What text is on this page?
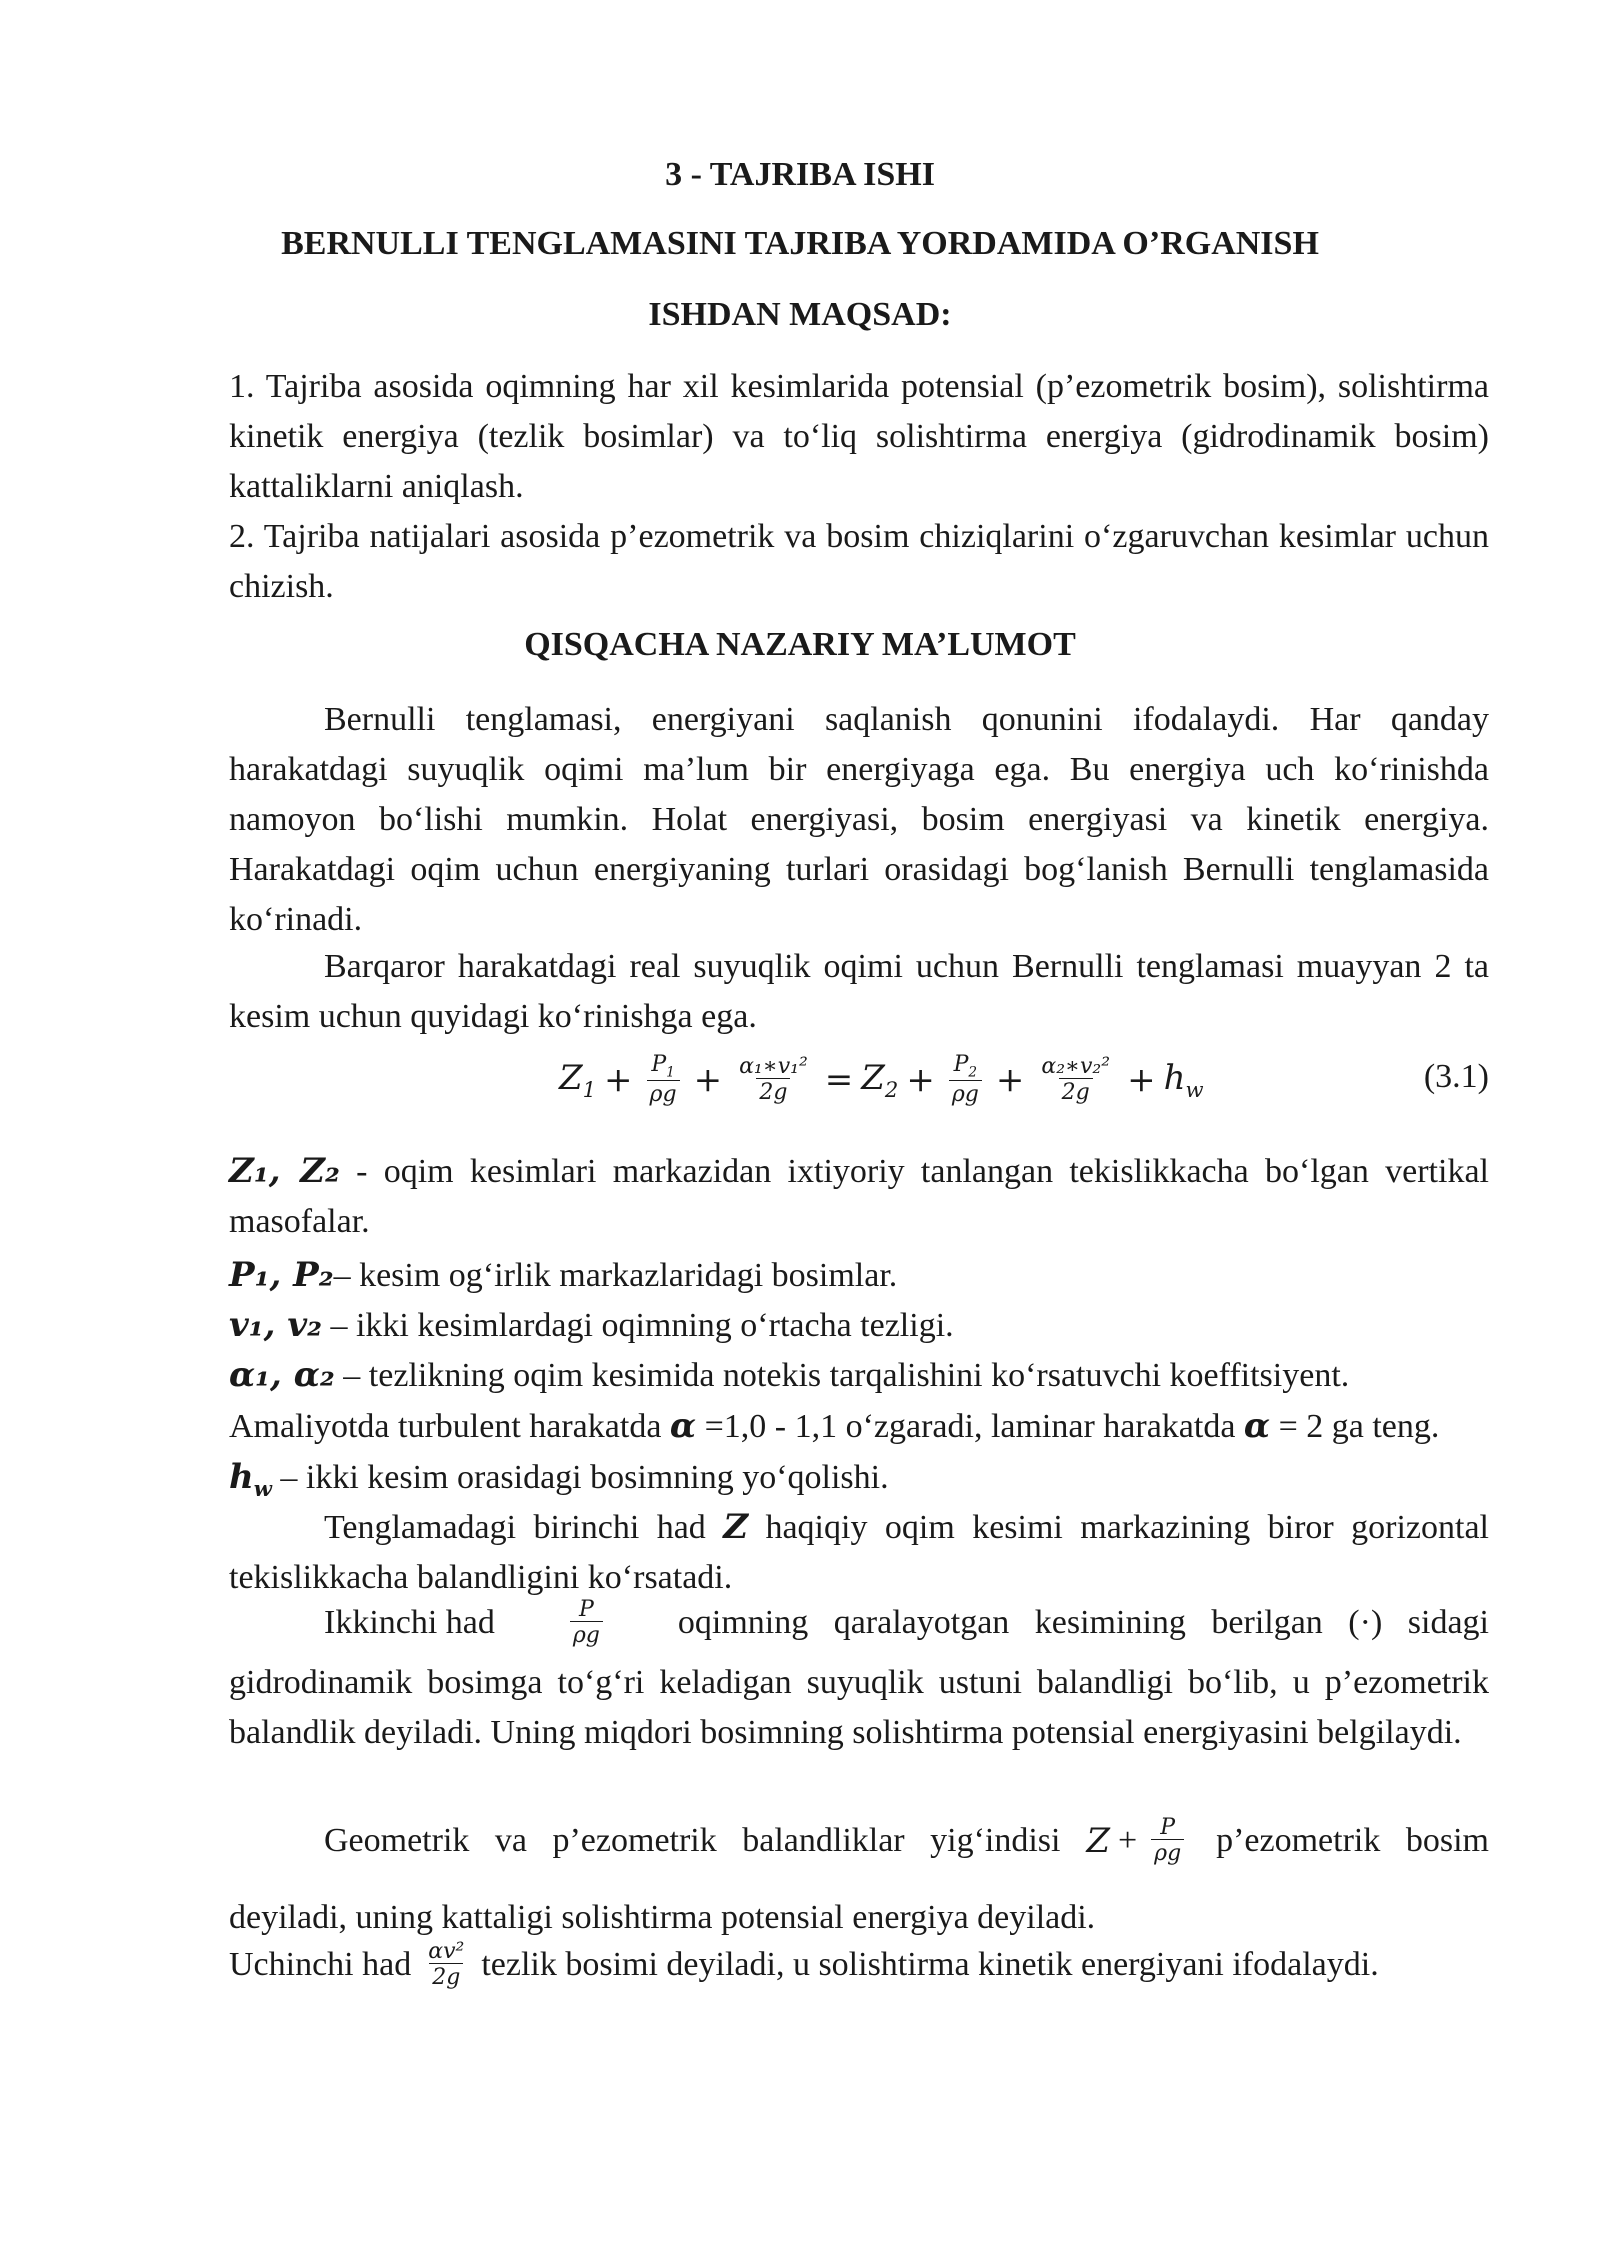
3 - TAJRIBA ISHI
BERNULLI TENGLAMASINI TAJRIBA YORDAMIDA O’RGANISH
ISHDAN MAQSAD:
1. Tajriba asosida oqimning har xil kesimlarida potensial (p’ezometrik bosim), solishtirma kinetik energiya (tezlik bosimlar) va to‘liq solishtirma energiya (gidrodinamik bosim) kattaliklarni aniqlash.
2. Tajriba natijalari asosida p’ezometrik va bosim chiziqlarini o‘zgaruvchan kesimlar uchun chizish.
QISQACHA NAZARIY MA’LUMOT
Bernulli tenglamasi, energiyani saqlanish qonunini ifodalaydi. Har qanday harakatdagi suyuqlik oqimi ma’lum bir energiyaga ega. Bu energiya uch ko‘rinishda namoyon bo‘lishi mumkin. Holat energiyasi, bosim energiyasi va kinetik energiya. Harakatdagi oqim uchun energiyaning turlari orasidagi bog‘lanish Bernulli tenglamasida ko‘rinadi.
Barqaror harakatdagi real suyuqlik oqimi uchun Bernulli tenglamasi muayyan 2 ta kesim uchun quyidagi ko‘rinishga ega.
$Z_1 + \frac{P_1}{\rho g} + \frac{\text{α₁∗v₁²}}{2g} = Z_2 + \frac{P_2}{\rho g} + \frac{\text{α₂∗v₂²}}{2g} + h_w$	(3.1)
Z₁, Z₂ - oqim kesimlari markazidan ixtiyoriy tanlangan tekislikkacha bo‘lgan vertikal masofalar.
P₁, P₂– kesim og‘irlik markazlaridagi bosimlar.
v₁, v₂ – ikki kesimlardagi oqimning o‘rtacha tezligi.
α₁, α₂ – tezlikning oqim kesimida notekis tarqalishini ko‘rsatuvchi koeffitsiyent.
Amaliyotda turbulent harakatda α =1,0 - 1,1 o‘zgaradi, laminar harakatda α = 2 ga teng.
$h_w$ – ikki kesim orasidagi bosimning yo‘qolishi.
Tenglamadagi birinchi had Z haqiqiy oqim kesimi markazining biror gorizontal tekislikkacha balandligini ko‘rsatadi.
Ikkinchi had	$\frac{P}{\rho g}$ oqimning   qaralayotgan   kesimining   berilgan   (·)   sidagi
gidrodinamik bosimga to‘g‘ri keladigan suyuqlik ustuni balandligi bo‘lib, u p’ezometrik balandlik deyiladi. Uning miqdori bosimning solishtirma potensial energiyasini belgilaydi.
Geometrik   va   p’ezometrik   balandliklar   yig‘indisi $Z + \frac{P}{\rho g}$ p’ezometrik   bosim
deyiladi, uning kattaligi solishtirma potensial energiya deyiladi.
Uchinchi had $\frac{\text{αv²}}{2g}$ tezlik bosimi deyiladi, u solishtirma kinetik energiyani ifodalaydi.
